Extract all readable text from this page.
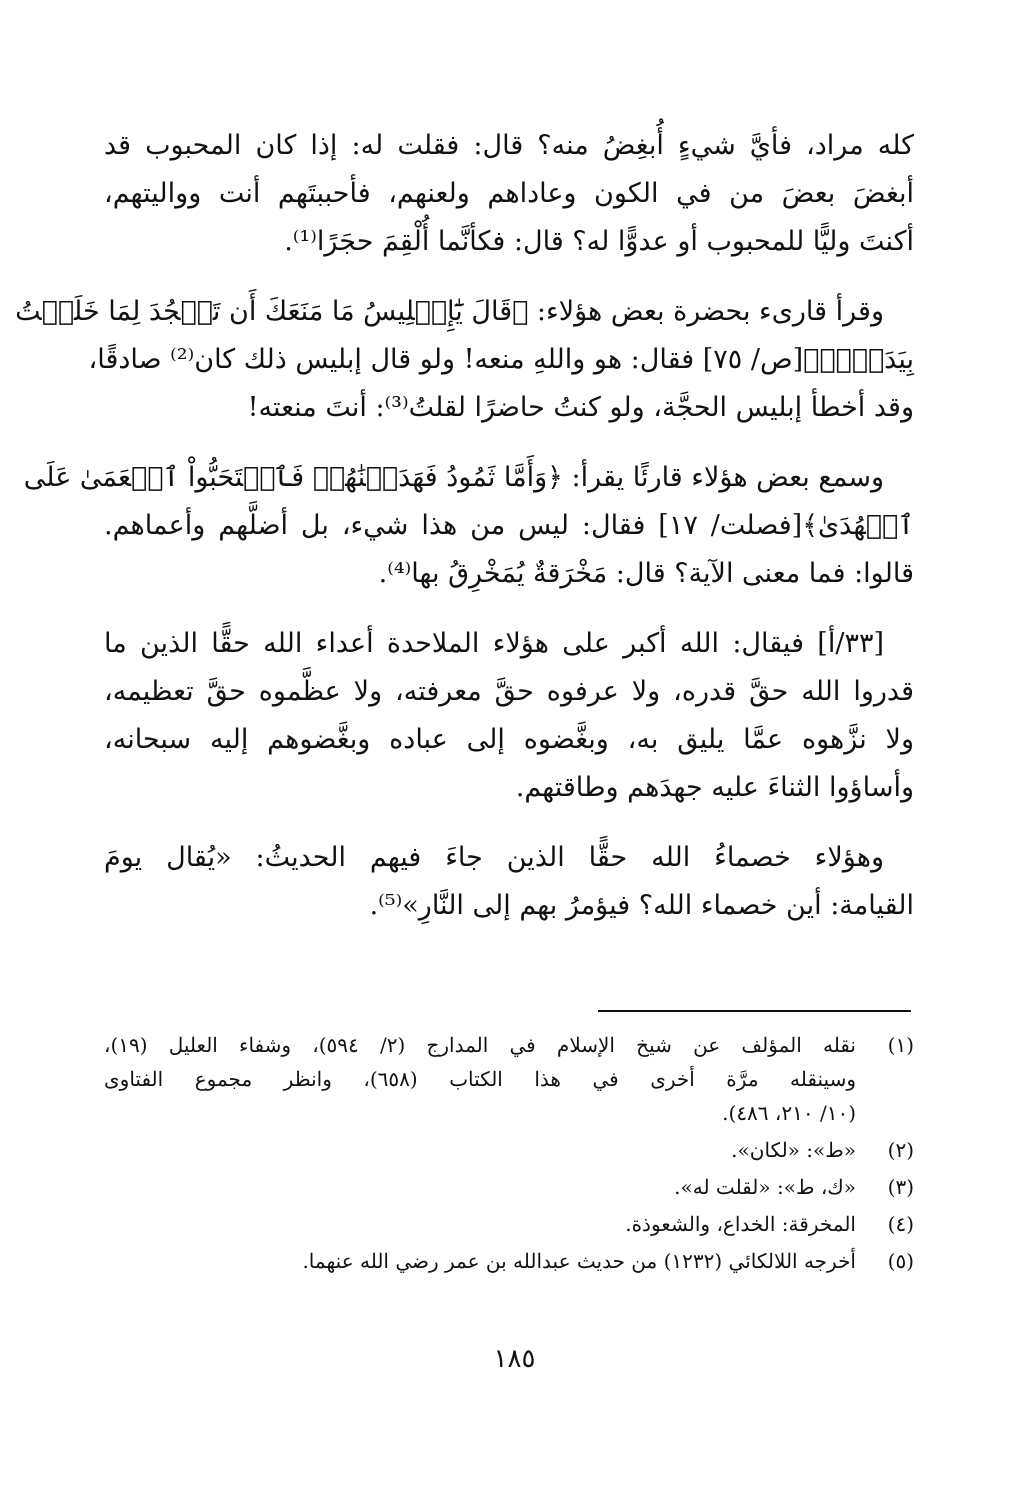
كله مراد، فأيَّ شيءٍ أُبغِضُ منه؟ قال: فقلت له: إذا كان المحبوب قد
أبغضَ بعضَ من في الكون وعاداهم ولعنهم، فأحببتَهم أنت وواليتهم،
أكنتَ وليًّا للمحبوب أو عدوًّا له؟ قال: فكأنَّما أُلْقِمَ حجَرًا⁽¹⁾.

وقرأ قارىء بحضرة بعض هؤلاء: ﴿قَالَ يَٰٓإِبۡلِيسُ مَا مَنَعَكَ أَن تَسۡجُدَ لِمَا خَلَقۡتُ
بِيَدَيَّۖ﴾[ص/ ٧٥] فقال: هو واللهِ منعه! ولو قال إبليس ذلك كان⁽²⁾ صادقًا،
وقد أخطأ إبليس الحجَّة، ولو كنتُ حاضرًا لقلتُ⁽³⁾: أنتَ منعته!

وسمع بعض هؤلاء قارئًا يقرأ: ﴿وَأَمَّا ثَمُودُ فَهَدَيۡنَٰهُمۡ فَٱسۡتَحَبُّواْ ٱلۡعَمَىٰ عَلَى
ٱلۡهُدَىٰ﴾[فصلت/ ١٧] فقال: ليس من هذا شيء، بل أضلَّهم وأعماهم.
قالوا: فما معنى الآية؟ قال: مَخْرَقةٌ يُمَخْرِقُ بها⁽⁴⁾.

[٣٣/أ] فيقال: الله أكبر على هؤلاء الملاحدة أعداء الله حقًّا الذين ما
قدروا الله حقَّ قدره، ولا عرفوه حقَّ معرفته، ولا عظَّموه حقَّ تعظيمه،
ولا نزَّهوه عمَّا يليق به، وبغَّضوه إلى عباده وبغَّضوهم إليه سبحانه،
وأساؤوا الثناءَ عليه جهدَهم وطاقتهم.

وهؤلاء خصماءُ الله حقًّا الذين جاءَ فيهم الحديثُ: «يُقال يومَ
القيامة: أين خصماء الله؟ فيؤمرُ بهم إلى النَّارِ»⁽⁵⁾.

(١)
نقله المؤلف عن شيخ الإسلام في المدارج (٢/ ٥٩٤)، وشفاء العليل (١٩)،
وسينقله مرَّة أخرى في هذا الكتاب (٦٥٨)، وانظر مجموع الفتاوى
(١٠/ ٢١٠، ٤٨٦).
(٢)
«ط»: «لكان».
(٣)
«ك، ط»: «لقلت له».
(٤)
المخرقة: الخداع، والشعوذة.
(٥)
أخرجه اللالكائي (١٢٣٢) من حديث عبدالله بن عمر رضي الله عنهما.
١٨٥
